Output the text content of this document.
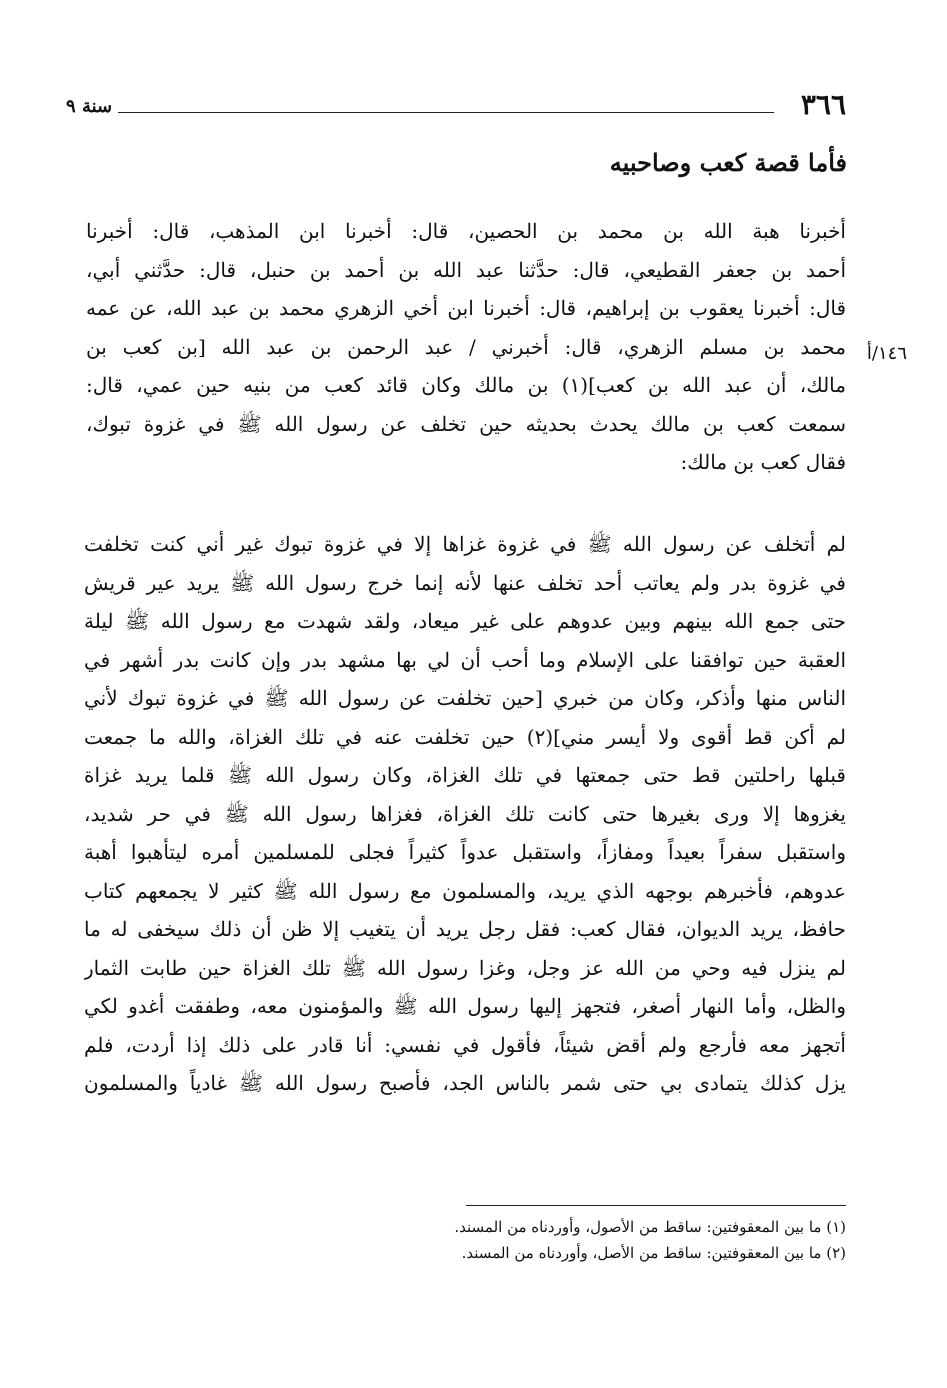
٣٦٦
سنة ٩
فأما قصة كعب وصاحبيه
١٤٦/أ
أخبرنا هبة الله بن محمد بن الحصين، قال: أخبرنا ابن المذهب، قال: أخبرنا
أحمد بن جعفر القطيعي، قال: حدَّثنا عبد الله بن أحمد بن حنبل، قال: حدَّثني أبي،
قال: أخبرنا يعقوب بن إبراهيم، قال: أخبرنا ابن أخي الزهري محمد بن عبد الله، عن عمه
محمد بن مسلم الزهري، قال: أخبرني / عبد الرحمن بن عبد الله [بن كعب بن
مالك، أن عبد الله بن كعب](١) بن مالك وكان قائد كعب من بنيه حين عمي، قال:
سمعت كعب بن مالك يحدث بحديثه حين تخلف عن رسول الله ﷺ في غزوة تبوك،
فقال كعب بن مالك:
لم أتخلف عن رسول الله ﷺ في غزوة غزاها إلا في غزوة تبوك غير أني كنت تخلفت
في غزوة بدر ولم يعاتب أحد تخلف عنها لأنه إنما خرج رسول الله ﷺ يريد عير قريش
حتى جمع الله بينهم وبين عدوهم على غير ميعاد، ولقد شهدت مع رسول الله ﷺ ليلة
العقبة حين توافقنا على الإسلام وما أحب أن لي بها مشهد بدر وإن كانت بدر أشهر في
الناس منها وأذكر، وكان من خبري [حين تخلفت عن رسول الله ﷺ في غزوة تبوك لأني
لم أكن قط أقوى ولا أيسر مني](٢) حين تخلفت عنه في تلك الغزاة، والله ما جمعت
قبلها راحلتين قط حتى جمعتها في تلك الغزاة، وكان رسول الله ﷺ قلما يريد غزاة
يغزوها إلا ورى بغيرها حتى كانت تلك الغزاة، فغزاها رسول الله ﷺ في حر شديد،
واستقبل سفراً بعيداً ومفازاً، واستقبل عدواً كثيراً فجلى للمسلمين أمره ليتأهبوا أهبة
عدوهم، فأخبرهم بوجهه الذي يريد، والمسلمون مع رسول الله ﷺ كثير لا يجمعهم كتاب
حافظ، يريد الديوان، فقال كعب: فقل رجل يريد أن يتغيب إلا ظن أن ذلك سيخفى له ما
لم ينزل فيه وحي من الله عز وجل، وغزا رسول الله ﷺ تلك الغزاة حين طابت الثمار
والظل، وأما النهار أصغر، فتجهز إليها رسول الله ﷺ والمؤمنون معه، وطفقت أغدو لكي
أتجهز معه فأرجع ولم أقض شيئاً، فأقول في نفسي: أنا قادر على ذلك إذا أردت، فلم
يزل كذلك يتمادى بي حتى شمر بالناس الجد، فأصبح رسول الله ﷺ غادياً والمسلمون
(١) ما بين المعقوفتين: ساقط من الأصول، وأوردناه من المسند.
(٢) ما بين المعقوفتين: ساقط من الأصل، وأوردناه من المسند.
